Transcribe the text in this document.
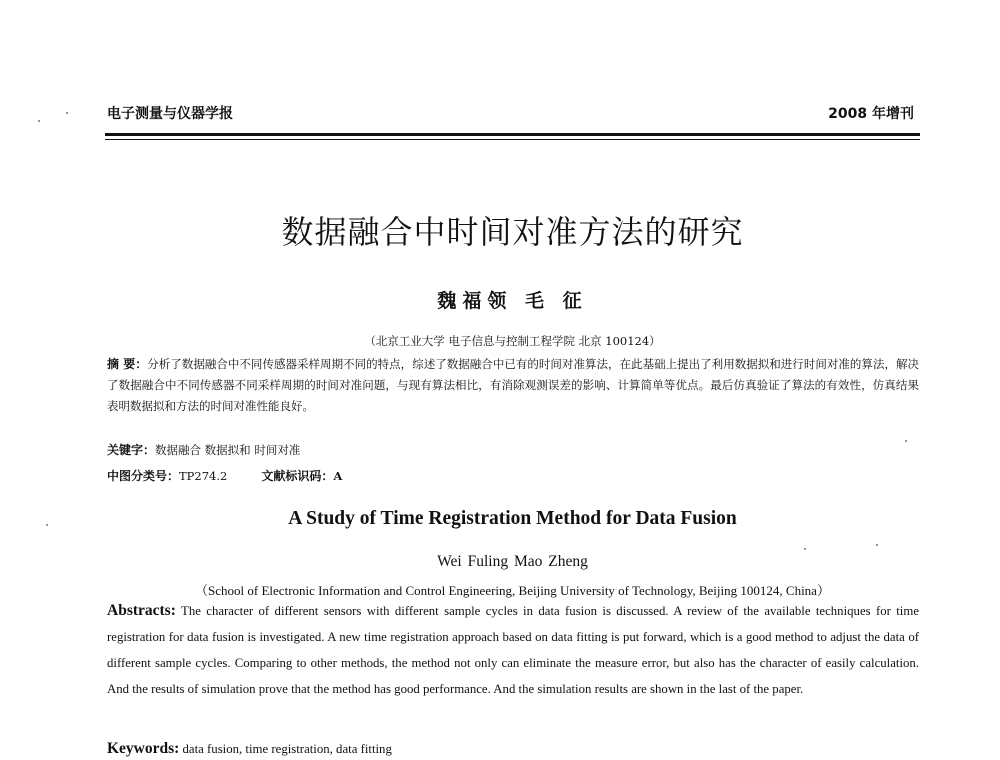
电子测量与仪器学报	2008 年增刊
数据融合中时间对准方法的研究
魏福领 毛 征
（北京工业大学 电子信息与控制工程学院 北京 100124）
摘 要：分析了数据融合中不同传感器采样周期不同的特点，综述了数据融合中已有的时间对准算法，在此基础上提出了利用数据拟和进行时间对准的算法，解决了数据融合中不同传感器不同采样周期的时间对准问题，与现有算法相比，有消除观测误差的影响、计算简单等优点。最后仿真验证了算法的有效性，仿真结果表明数据拟和方法的时间对准性能良好。
关键字：数据融合 数据拟和 时间对准
中图分类号：TP274.2	文献标识码：A
A Study of Time Registration Method for Data Fusion
Wei Fuling Mao Zheng
（School of Electronic Information and Control Engineering, Beijing University of Technology, Beijing 100124, China）
Abstracts: The character of different sensors with different sample cycles in data fusion is discussed. A review of the available techniques for time registration for data fusion is investigated. A new time registration approach based on data fitting is put forward, which is a good method to adjust the data of different sample cycles. Comparing to other methods, the method not only can eliminate the measure error, but also has the character of easily calculation. And the results of simulation prove that the method has good performance. And the simulation results are shown in the last of the paper.
Keywords: data fusion, time registration, data fitting
